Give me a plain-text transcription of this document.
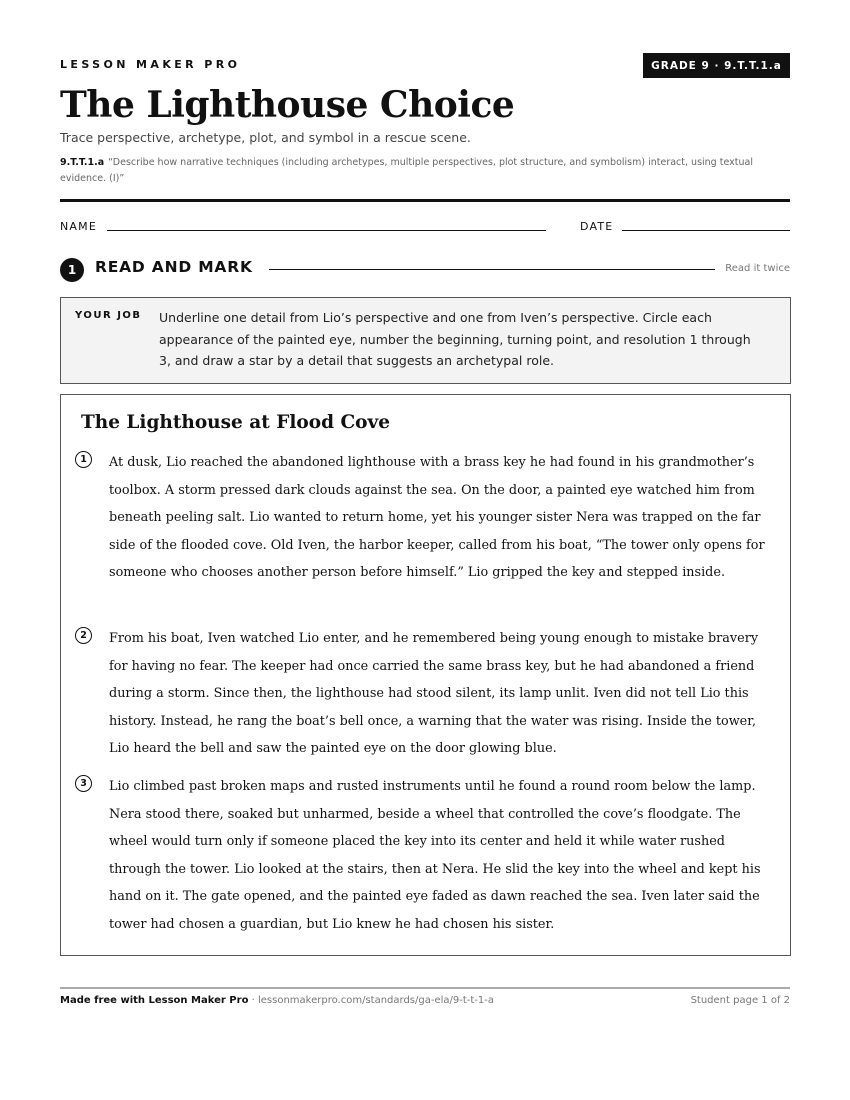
LESSON MAKER PRO	GRADE 9 · 9.T.T.1.a
The Lighthouse Choice
Trace perspective, archetype, plot, and symbol in a rescue scene.
9.T.T.1.a “Describe how narrative techniques (including archetypes, multiple perspectives, plot structure, and symbolism) interact, using textual evidence. (I)”
NAME	DATE
1	READ AND MARK	Read it twice
YOUR JOB Underline one detail from Lio’s perspective and one from Iven’s perspective. Circle each appearance of the painted eye, number the beginning, turning point, and resolution 1 through 3, and draw a star by a detail that suggests an archetypal role.
The Lighthouse at Flood Cove
1	At dusk, Lio reached the abandoned lighthouse with a brass key he had found in his grandmother’s toolbox. A storm pressed dark clouds against the sea. On the door, a painted eye watched him from beneath peeling salt. Lio wanted to return home, yet his younger sister Nera was trapped on the far side of the flooded cove. Old Iven, the harbor keeper, called from his boat, “The tower only opens for someone who chooses another person before himself.” Lio gripped the key and stepped inside.

2	From his boat, Iven watched Lio enter, and he remembered being young enough to mistake bravery for having no fear. The keeper had once carried the same brass key, but he had abandoned a friend during a storm. Since then, the lighthouse had stood silent, its lamp unlit. Iven did not tell Lio this history. Instead, he rang the boat’s bell once, a warning that the water was rising. Inside the tower, Lio heard the bell and saw the painted eye on the door glowing blue.

3	Lio climbed past broken maps and rusted instruments until he found a round room below the lamp. Nera stood there, soaked but unharmed, beside a wheel that controlled the cove’s floodgate. The wheel would turn only if someone placed the key into its center and held it while water rushed through the tower. Lio looked at the stairs, then at Nera. He slid the key into the wheel and kept his hand on it. The gate opened, and the painted eye faded as dawn reached the sea. Iven later said the tower had chosen a guardian, but Lio knew he had chosen his sister.

Made free with Lesson Maker Pro · lessonmakerpro.com/standards/ga-ela/9-t-t-1-a	Student page 1 of 2
